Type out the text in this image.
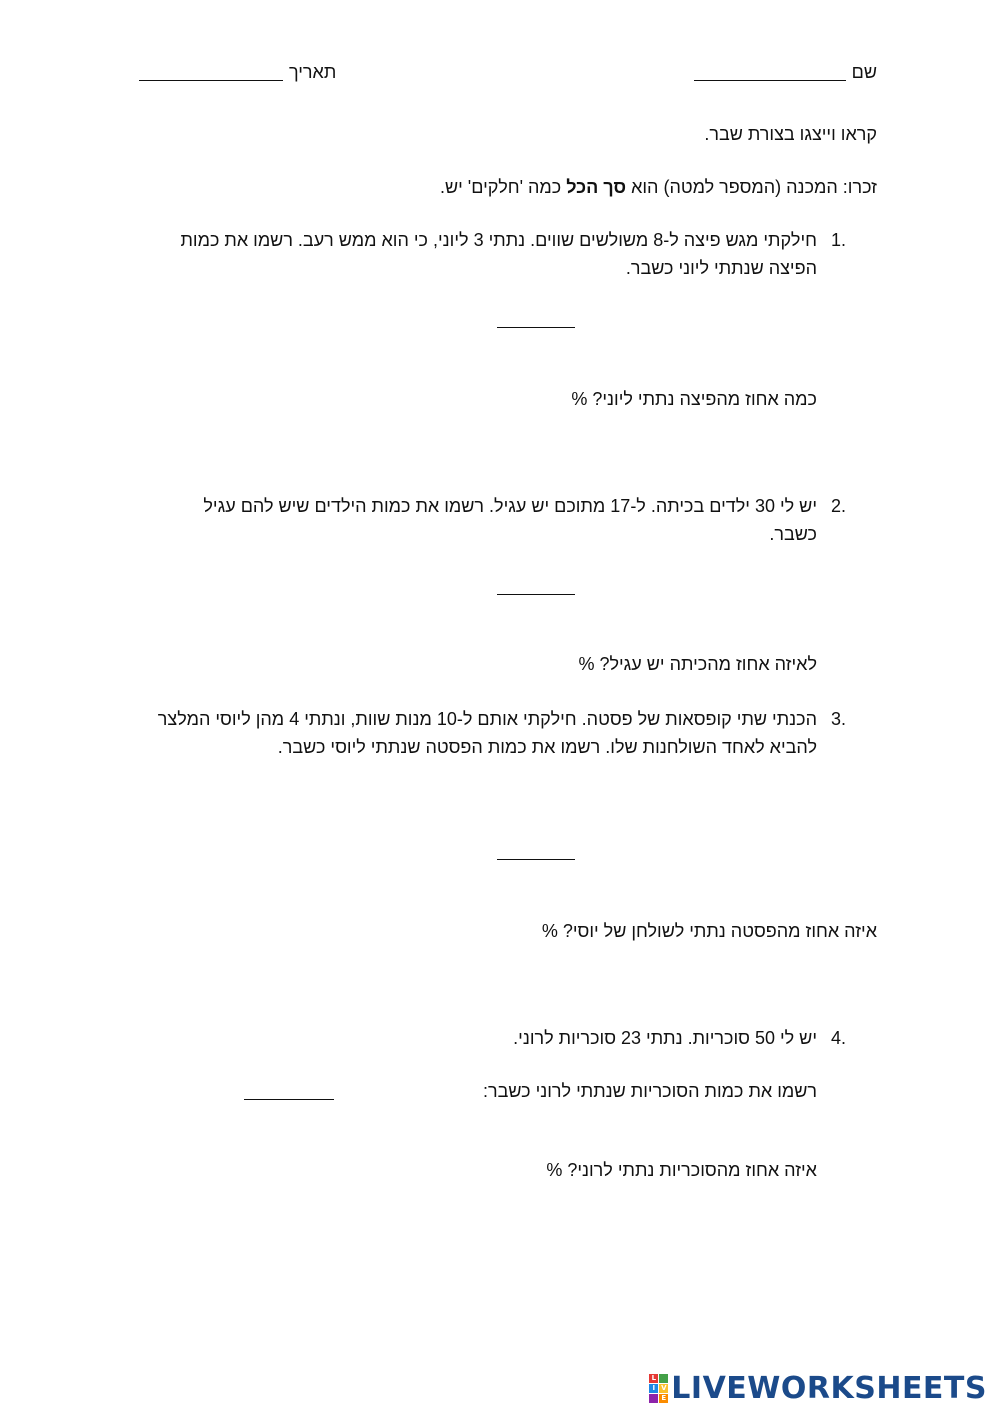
שם
תאריך
קראו וייצגו בצורת שבר.
זכרו: המכנה (המספר למטה) הוא סך הכל כמה 'חלקים' יש.
1.
חילקתי מגש פיצה ל-8 משולשים שווים. נתתי 3 ליוני, כי הוא ממש רעב. רשמו את כמות
הפיצה שנתתי ליוני כשבר.
כמה אחוז מהפיצה נתתי ליוני? %
2.
יש לי 30 ילדים בכיתה. ל-17 מתוכם יש עגיל. רשמו את כמות הילדים שיש להם עגיל
כשבר.
לאיזה אחוז מהכיתה יש עגיל? %
3.
הכנתי שתי קופסאות של פסטה. חילקתי אותם ל-10 מנות שוות, ונתתי 4 מהן ליוסי המלצר
להביא לאחד השולחנות שלו. רשמו את כמות הפסטה שנתתי ליוסי כשבר.
איזה אחוז מהפסטה נתתי לשולחן של יוסי? %
4.
יש לי 50 סוכריות. נתתי 23 סוכריות לרוני.
רשמו את כמות הסוכריות שנתתי לרוני כשבר:
איזה אחוז מהסוכריות נתתי לרוני? %
L
I V
E LIVEWORKSHEETS
